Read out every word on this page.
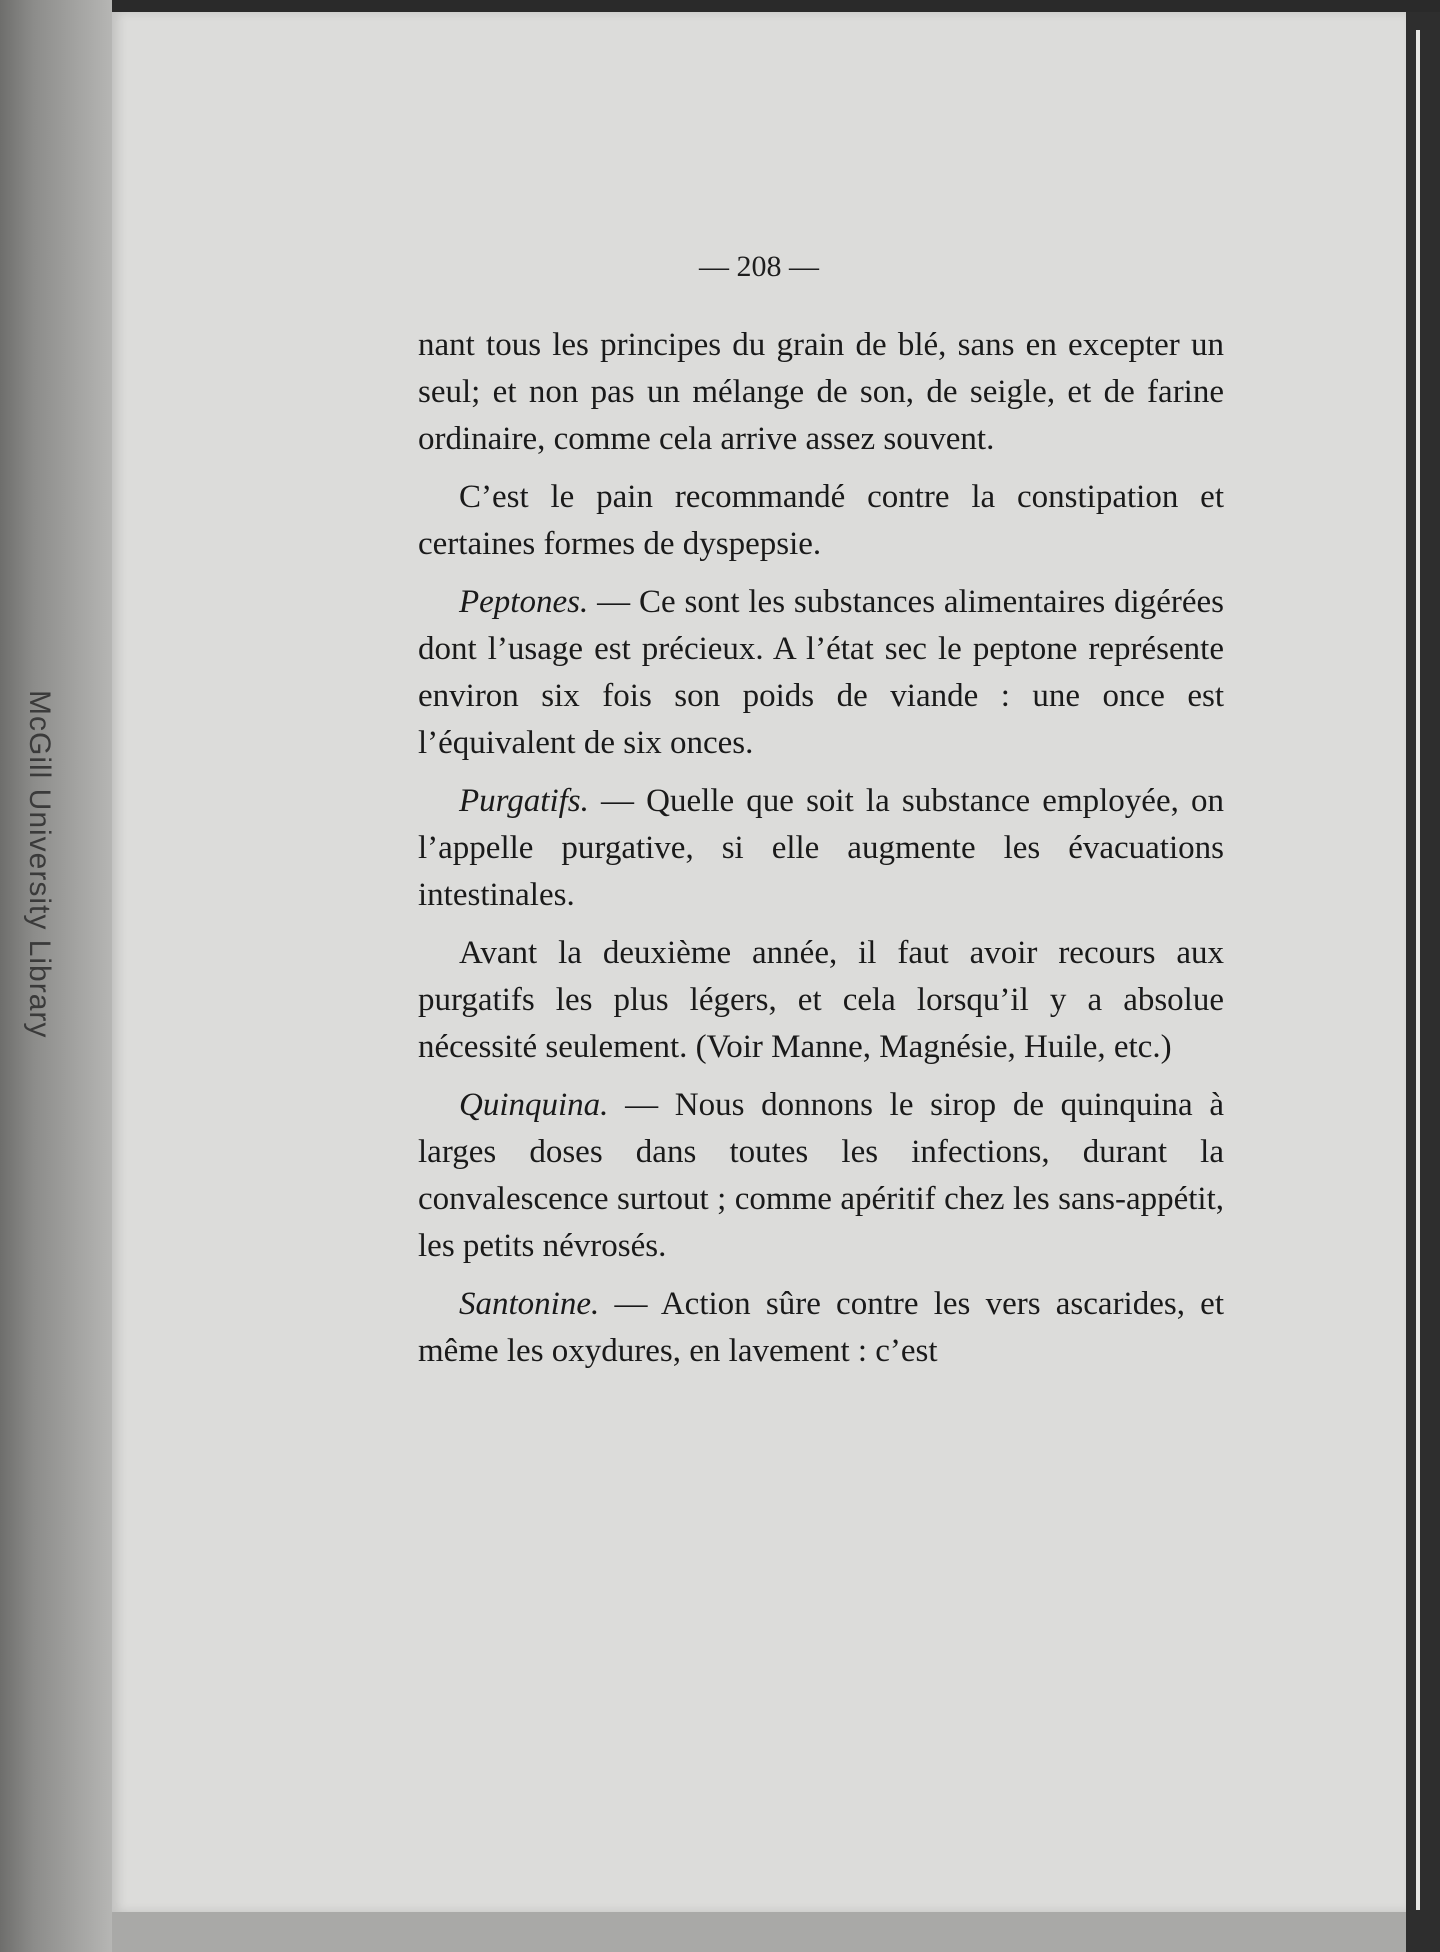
McGill University Library

— 208 —

nant tous les principes du grain de blé, sans en excepter un seul; et non pas un mélange de son, de seigle, et de farine ordinaire, comme cela arrive assez souvent.

C’est le pain recommandé contre la constipation et certaines formes de dyspepsie.

Peptones. — Ce sont les substances alimentaires digérées dont l’usage est précieux. A l’état sec le peptone représente environ six fois son poids de viande : une once est l’équivalent de six onces.

Purgatifs. — Quelle que soit la substance employée, on l’appelle purgative, si elle augmente les évacuations intestinales.

Avant la deuxième année, il faut avoir recours aux purgatifs les plus légers, et cela lorsqu’il y a absolue nécessité seulement. (Voir Manne, Magnésie, Huile, etc.)

Quinquina. — Nous donnons le sirop de quinquina à larges doses dans toutes les infections, durant la convalescence surtout ; comme apéritif chez les sans-appétit, les petits névrosés.

Santonine. — Action sûre contre les vers ascarides, et même les oxydures, en lavement : c’est
